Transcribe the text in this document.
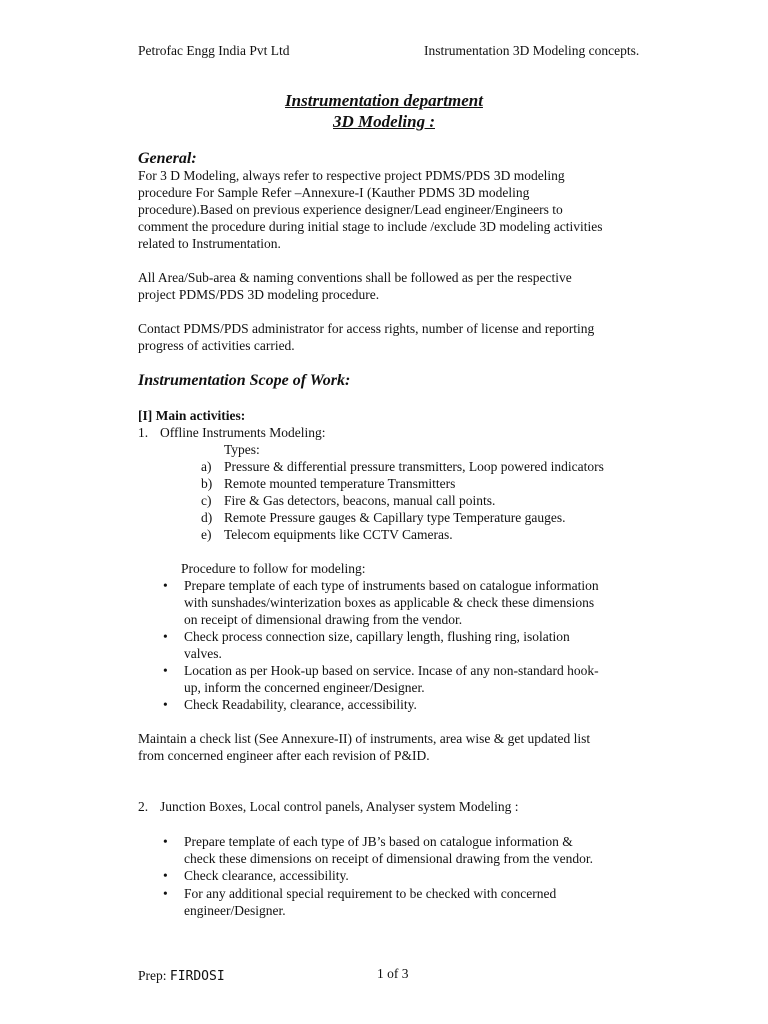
Petrofac Engg India Pvt Ltd	Instrumentation 3D Modeling concepts.
Instrumentation department
3D Modeling :
General:
For 3 D Modeling, always refer to respective project PDMS/PDS 3D modeling
procedure For Sample Refer –Annexure-I (Kauther PDMS 3D modeling
procedure).Based on previous experience designer/Lead engineer/Engineers to
comment the procedure during initial stage to include /exclude 3D modeling activities
related to Instrumentation.
All Area/Sub-area & naming conventions shall be followed as per the respective
project PDMS/PDS 3D modeling procedure.
Contact PDMS/PDS administrator for access rights, number of license and reporting
progress of activities carried.
Instrumentation Scope of Work:
[I] Main activities:
1. Offline Instruments Modeling:
Types:
a) Pressure & differential pressure transmitters, Loop powered indicators
b) Remote mounted temperature Transmitters
c) Fire & Gas detectors, beacons, manual call points.
d) Remote Pressure gauges & Capillary type Temperature gauges.
e) Telecom equipments like CCTV Cameras.
Procedure to follow for modeling:
• Prepare template of each type of instruments based on catalogue information
with sunshades/winterization boxes as applicable & check these dimensions
on receipt of dimensional drawing from the vendor.
• Check process connection size, capillary length, flushing ring, isolation
valves.
• Location as per Hook-up based on service. Incase of any non-standard hook-
up, inform the concerned engineer/Designer.
• Check Readability, clearance, accessibility.
Maintain a check list (See Annexure-II) of instruments, area wise & get updated list
from concerned engineer after each revision of P&ID.
2. Junction Boxes, Local control panels, Analyser system Modeling :
• Prepare template of each type of JB’s based on catalogue information &
check these dimensions on receipt of dimensional drawing from the vendor.
• Check clearance, accessibility.
• For any additional special requirement to be checked with concerned
engineer/Designer.
Prep: FIRDOSI	1 of 3
